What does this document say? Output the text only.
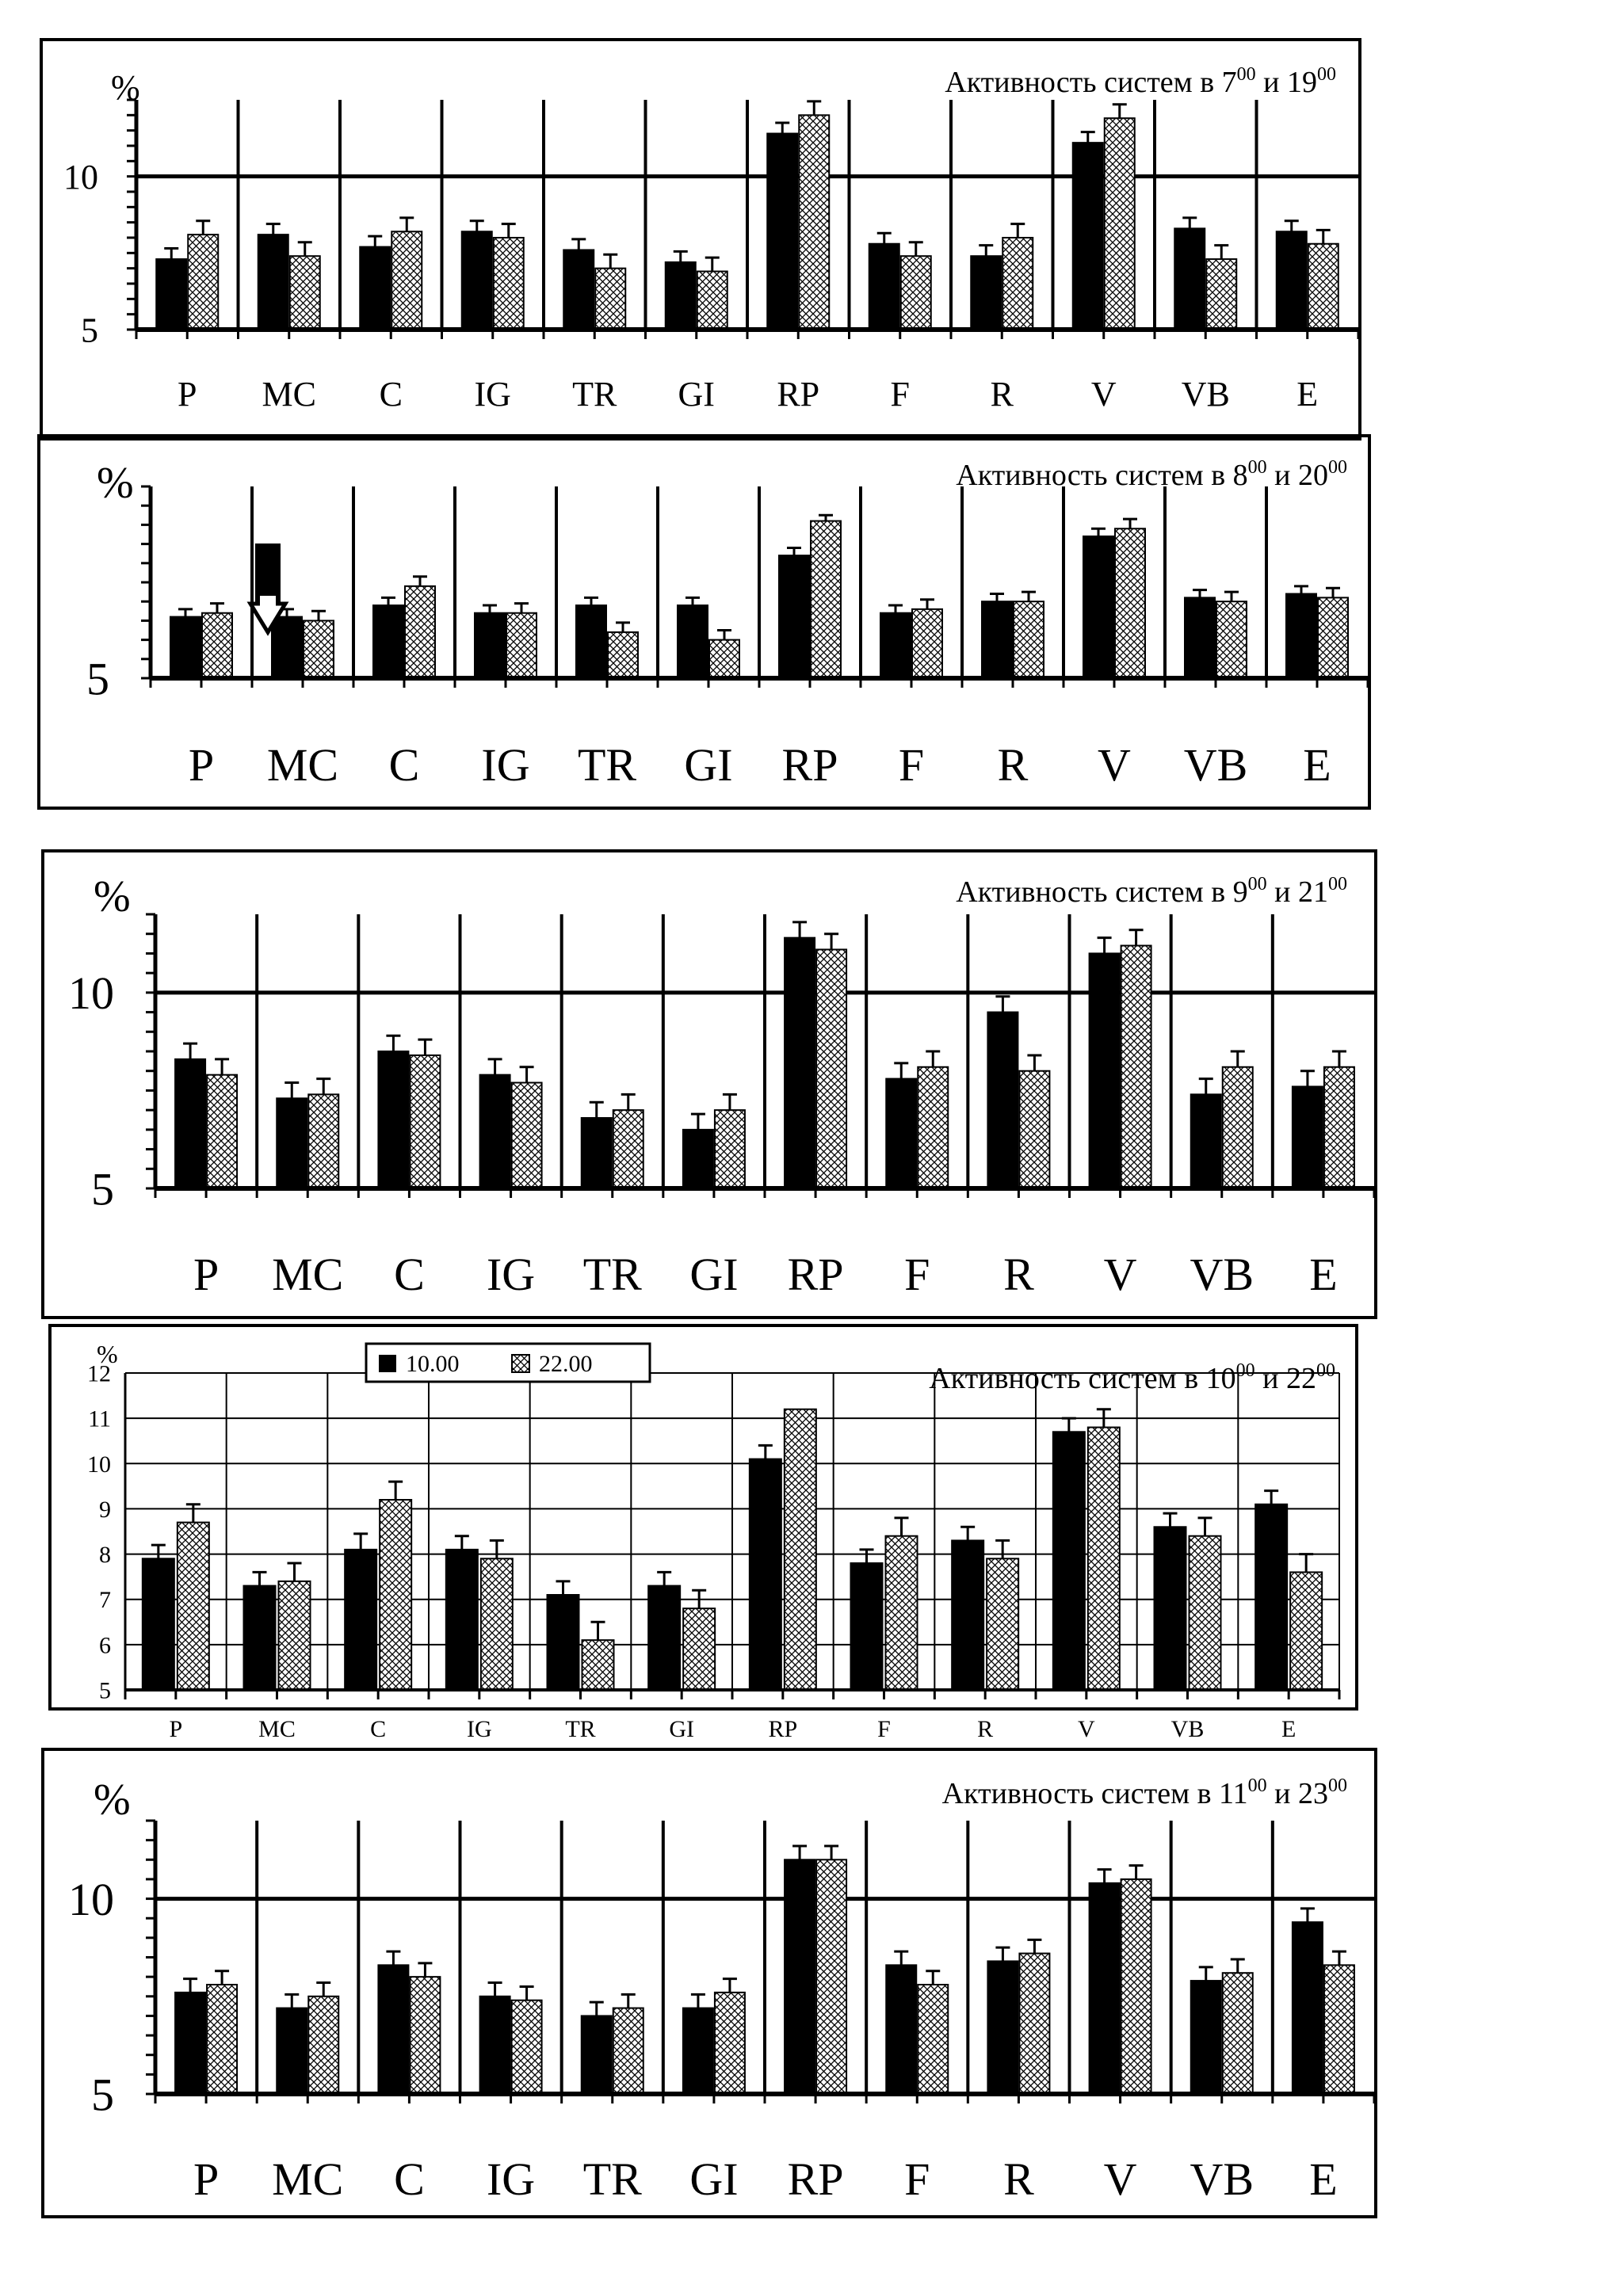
%	Активность систем в $7^{00}$ и $19^{00}$
5
10
P MC C IG TR GI RP F R V VB E
%	Активность систем в $8^{00}$ и $20^{00}$
5
P MC C IG TR GI RP F R V VB E
%	Активность систем в $9^{00}$ и $21^{00}$
5
10
P MC C IG TR GI RP F R V VB E
%
Активность систем в $10^{00}$ и $22^{00}$
5
6
7
8
9
10
11
12
P	MC	C	IG	TR	GI	RP	F	R	V	VB	E
10.00	22.00
%	Активность систем в $11^{00}$ и $23^{00}$
5
10
P MC C IG TR GI RP F R V VB E
